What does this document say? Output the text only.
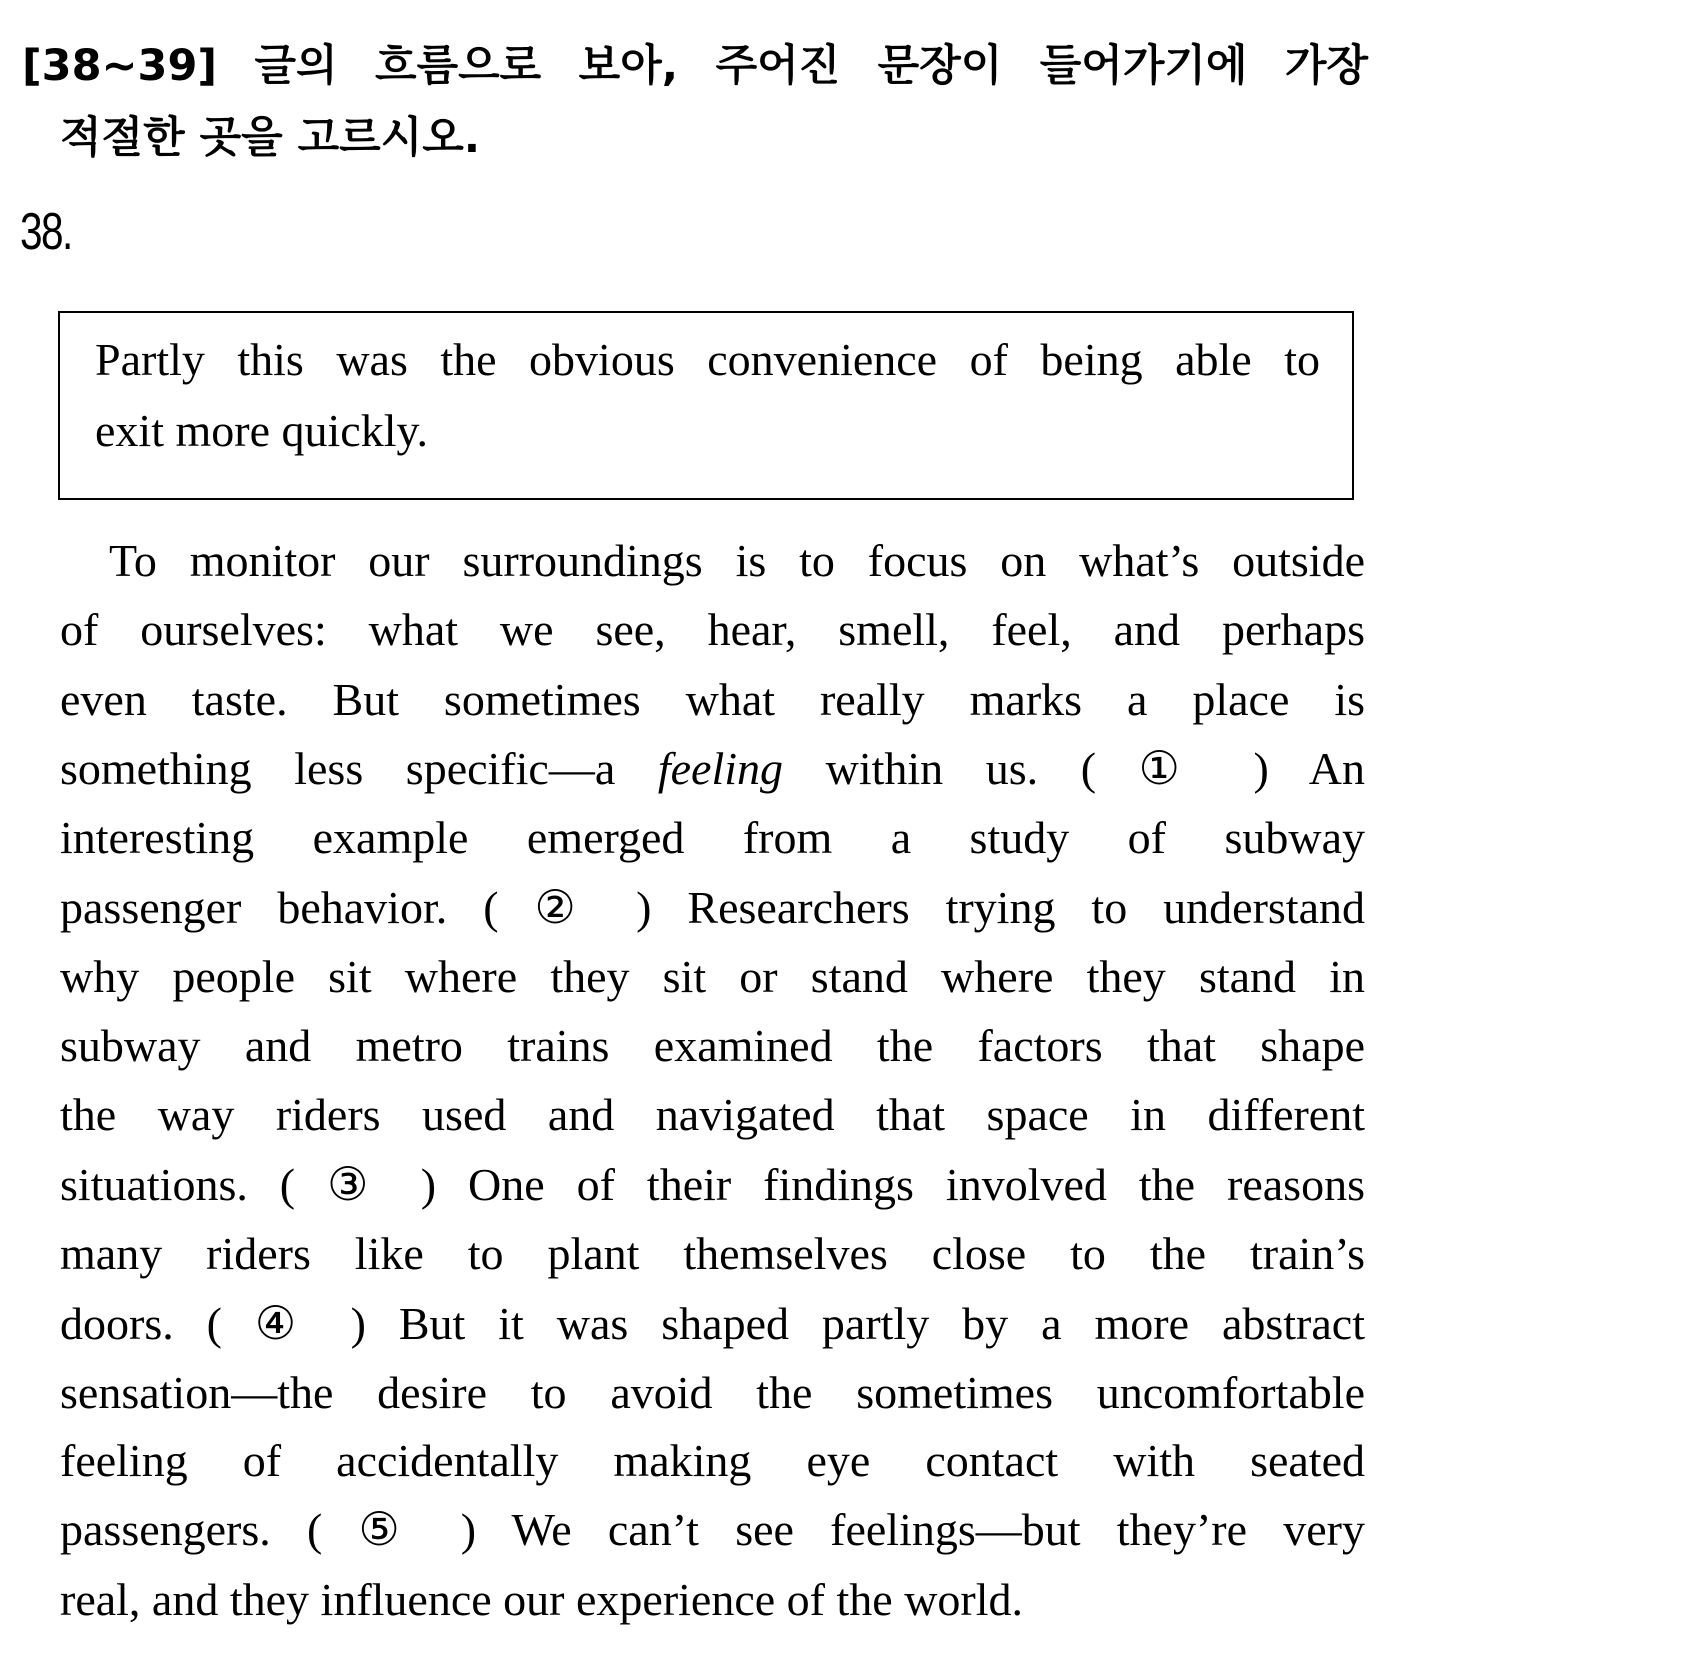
[38~39] 글의 흐름으로 보아, 주어진 문장이 들어가기에 가장
적절한 곳을 고르시오.
38.
Partly this was the obvious convenience of being able to
exit more quickly.
To monitor our surroundings is to focus on what’s outside
of ourselves: what we see, hear, smell, feel, and perhaps
even taste. But sometimes what really marks a place is
something less specific—a feeling within us. ( ① ) An
interesting example emerged from a study of subway
passenger behavior. ( ② ) Researchers trying to understand
why people sit where they sit or stand where they stand in
subway and metro trains examined the factors that shape
the way riders used and navigated that space in different
situations. ( ③ ) One of their findings involved the reasons
many riders like to plant themselves close to the train’s
doors. ( ④ ) But it was shaped partly by a more abstract
sensation—the desire to avoid the sometimes uncomfortable
feeling of accidentally making eye contact with seated
passengers. ( ⑤ ) We can’t see feelings—but they’re very
real, and they influence our experience of the world.
